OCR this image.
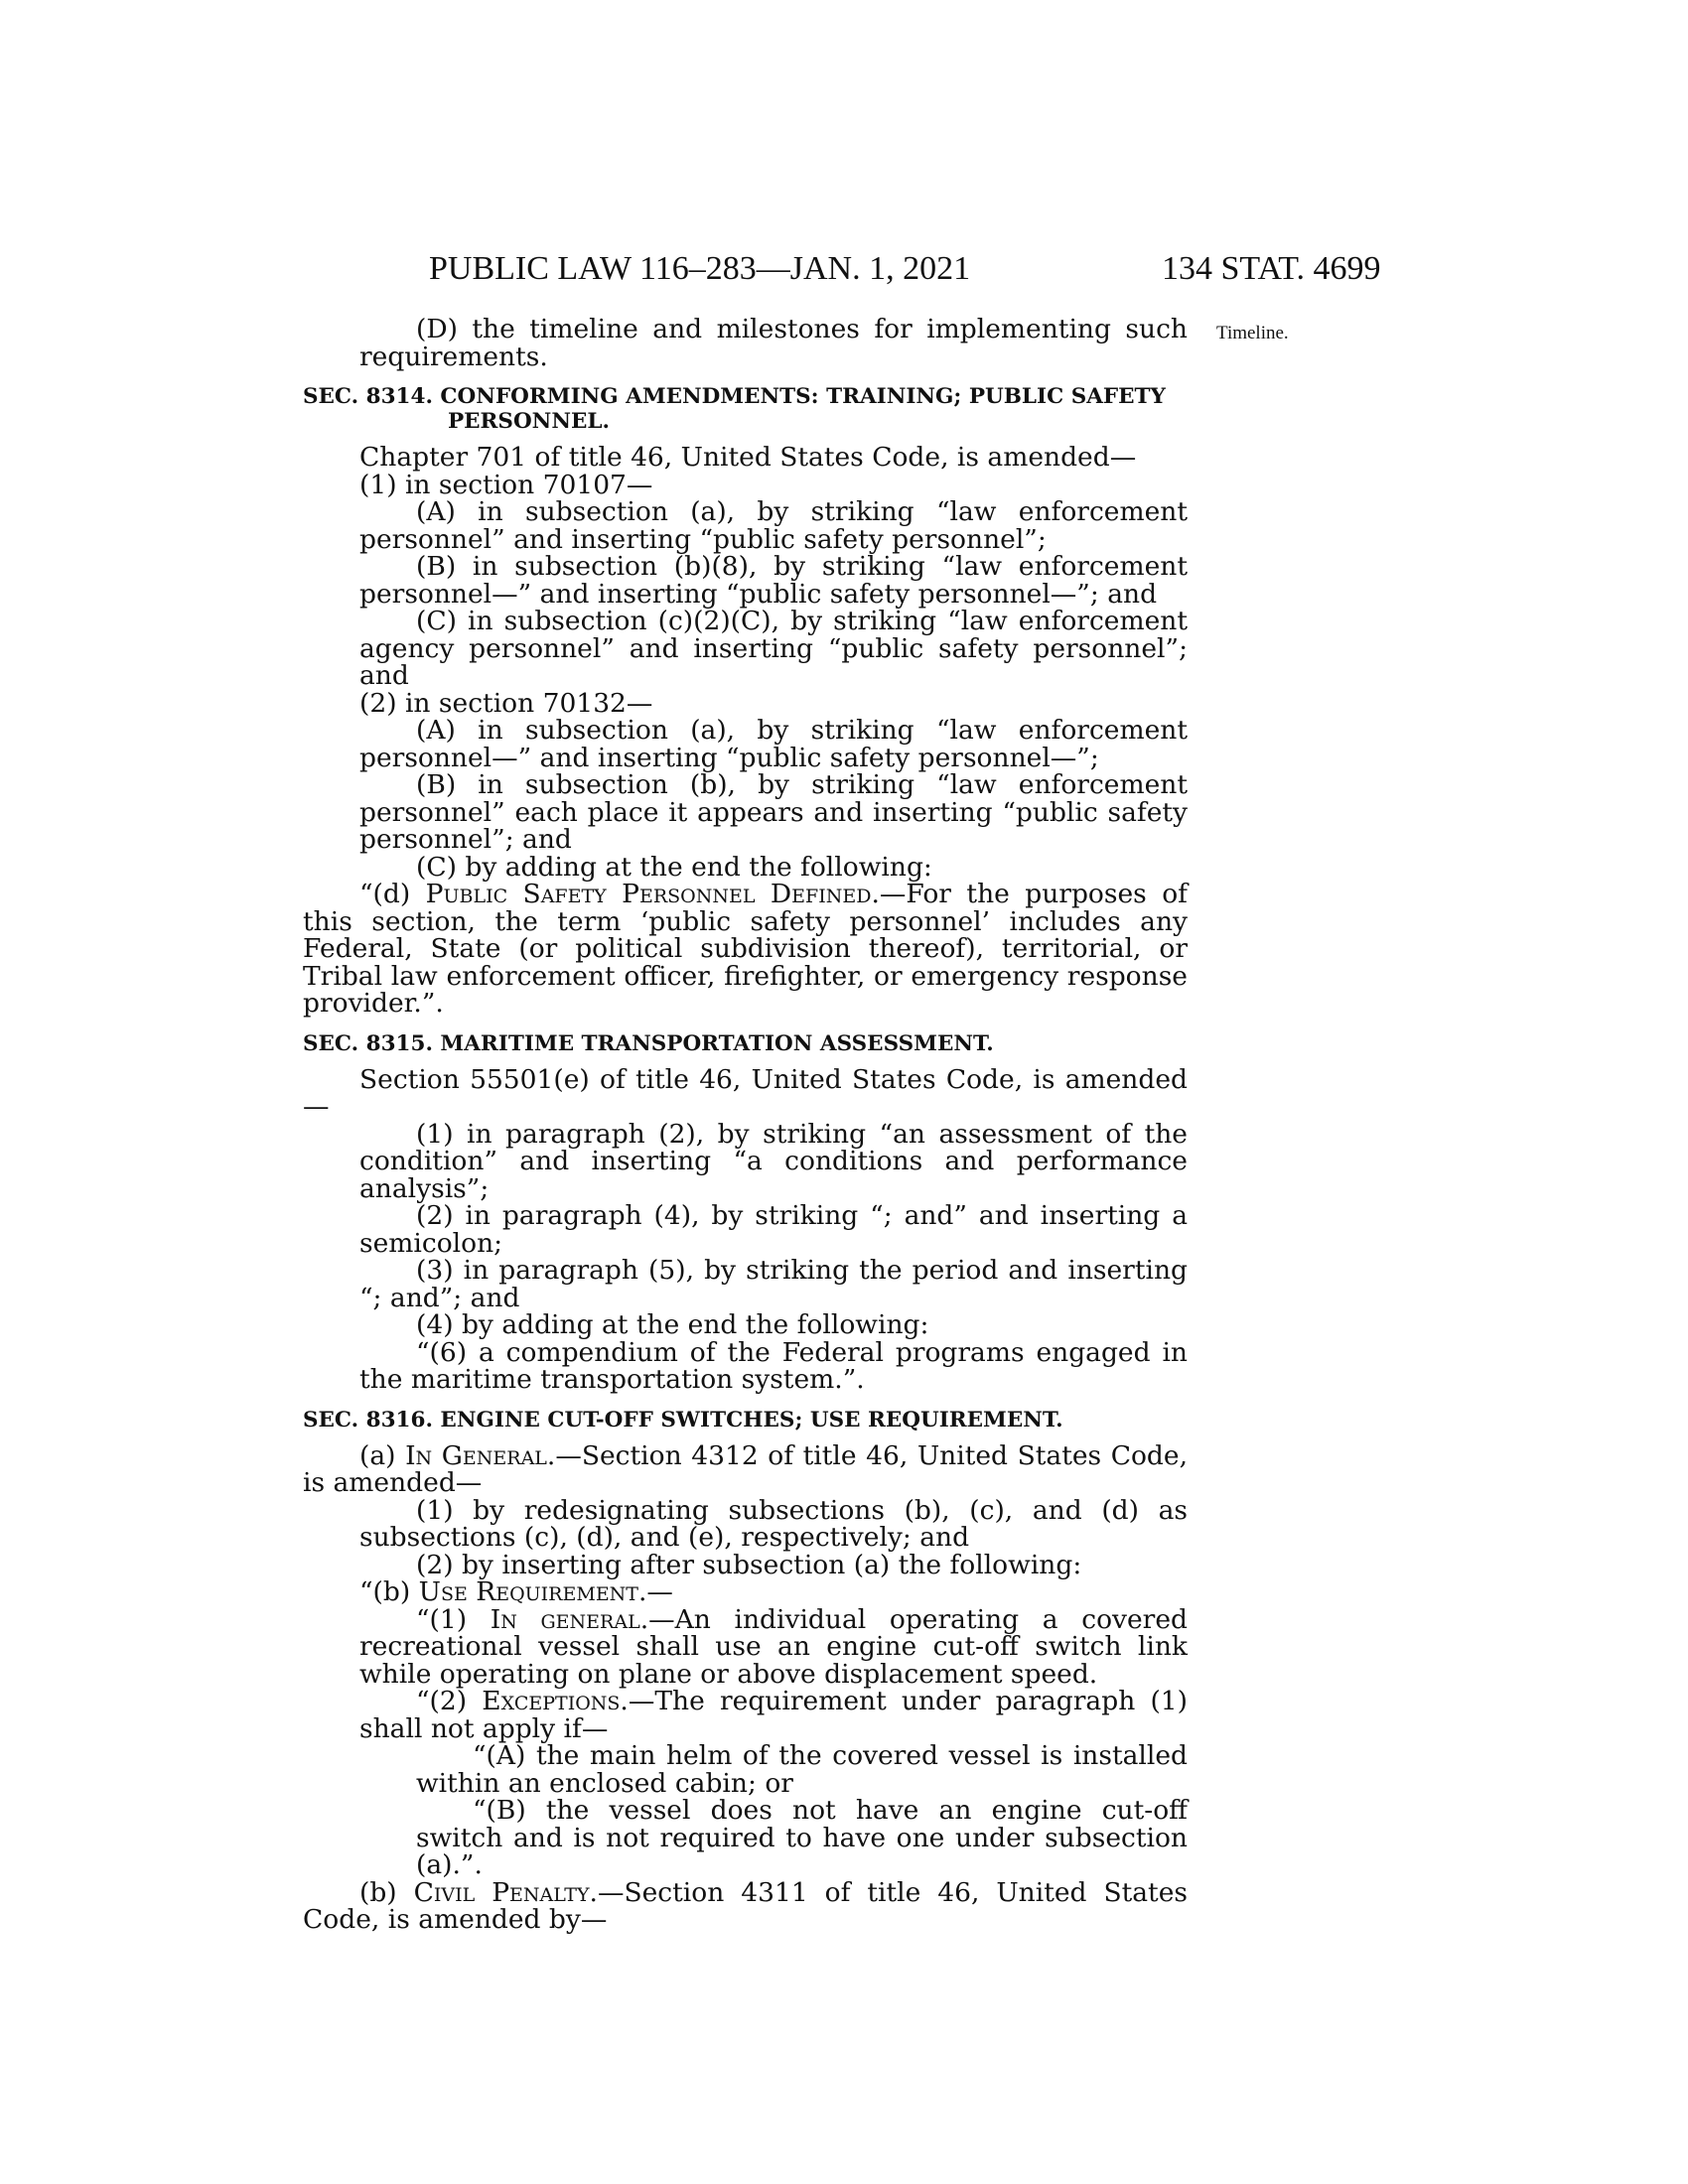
PUBLIC LAW 116–283—JAN. 1, 2021	134 STAT. 4699
Timeline.

(D) the timeline and milestones for implementing such requirements.

SEC. 8314. CONFORMING AMENDMENTS: TRAINING; PUBLIC SAFETY
PERSONNEL.

Chapter 701 of title 46, United States Code, is amended—

(1) in section 70107—

(A) in subsection (a), by striking “law enforcement personnel” and inserting “public safety personnel”;

(B) in subsection (b)(8), by striking “law enforcement personnel—” and inserting “public safety personnel—”; and

(C) in subsection (c)(2)(C), by striking “law enforcement agency personnel” and inserting “public safety personnel”; and

(2) in section 70132—

(A) in subsection (a), by striking “law enforcement personnel—” and inserting “public safety personnel—”;

(B) in subsection (b), by striking “law enforcement personnel” each place it appears and inserting “public safety personnel”; and

(C) by adding at the end the following:

“(d) Public Safety Personnel Defined.—For the purposes of this section, the term ‘public safety personnel’ includes any Federal, State (or political subdivision thereof), territorial, or Tribal law enforcement officer, firefighter, or emergency response provider.”.

SEC. 8315. MARITIME TRANSPORTATION ASSESSMENT.

Section 55501(e) of title 46, United States Code, is amended—

(1) in paragraph (2), by striking “an assessment of the condition” and inserting “a conditions and performance analysis”;

(2) in paragraph (4), by striking “; and” and inserting a semicolon;

(3) in paragraph (5), by striking the period and inserting “; and”; and

(4) by adding at the end the following:

“(6) a compendium of the Federal programs engaged in the maritime transportation system.”.

SEC. 8316. ENGINE CUT-OFF SWITCHES; USE REQUIREMENT.

(a) In General.—Section 4312 of title 46, United States Code, is amended—

(1) by redesignating subsections (b), (c), and (d) as subsections (c), (d), and (e), respectively; and

(2) by inserting after subsection (a) the following:

“(b) Use Requirement.—

“(1) In general.—An individual operating a covered recreational vessel shall use an engine cut-off switch link while operating on plane or above displacement speed.

“(2) Exceptions.—The requirement under paragraph (1) shall not apply if—

“(A) the main helm of the covered vessel is installed within an enclosed cabin; or

“(B) the vessel does not have an engine cut-off switch and is not required to have one under subsection (a).”.

(b) Civil Penalty.—Section 4311 of title 46, United States Code, is amended by—
